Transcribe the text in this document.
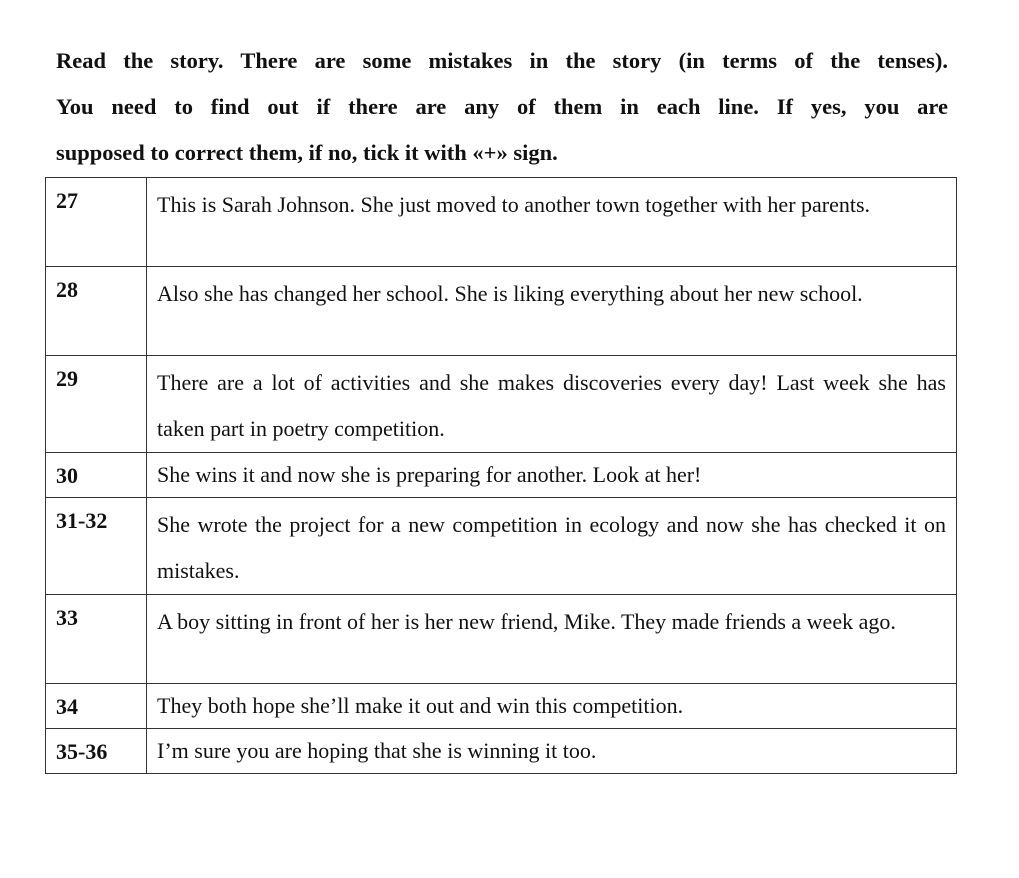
Read the story. There are some mistakes in the story (in terms of the tenses).
You need to find out if there are any of them in each line. If yes, you are
supposed to correct them, if no, tick it with «+» sign.
27	This is Sarah Johnson. She just moved to another town together with her parents.
28	Also she has changed her school. She is liking everything about her new school.
29	There are a lot of activities and she makes discoveries every day! Last week she has taken part in poetry competition.
30	She wins it and now she is preparing for another. Look at her!
31-32	She wrote the project for a new competition in ecology and now she has checked it on mistakes.
33	A boy sitting in front of her is her new friend, Mike. They made friends a week ago.
34	They both hope she’ll make it out and win this competition.
35-36	I’m sure you are hoping that she is winning it too.
